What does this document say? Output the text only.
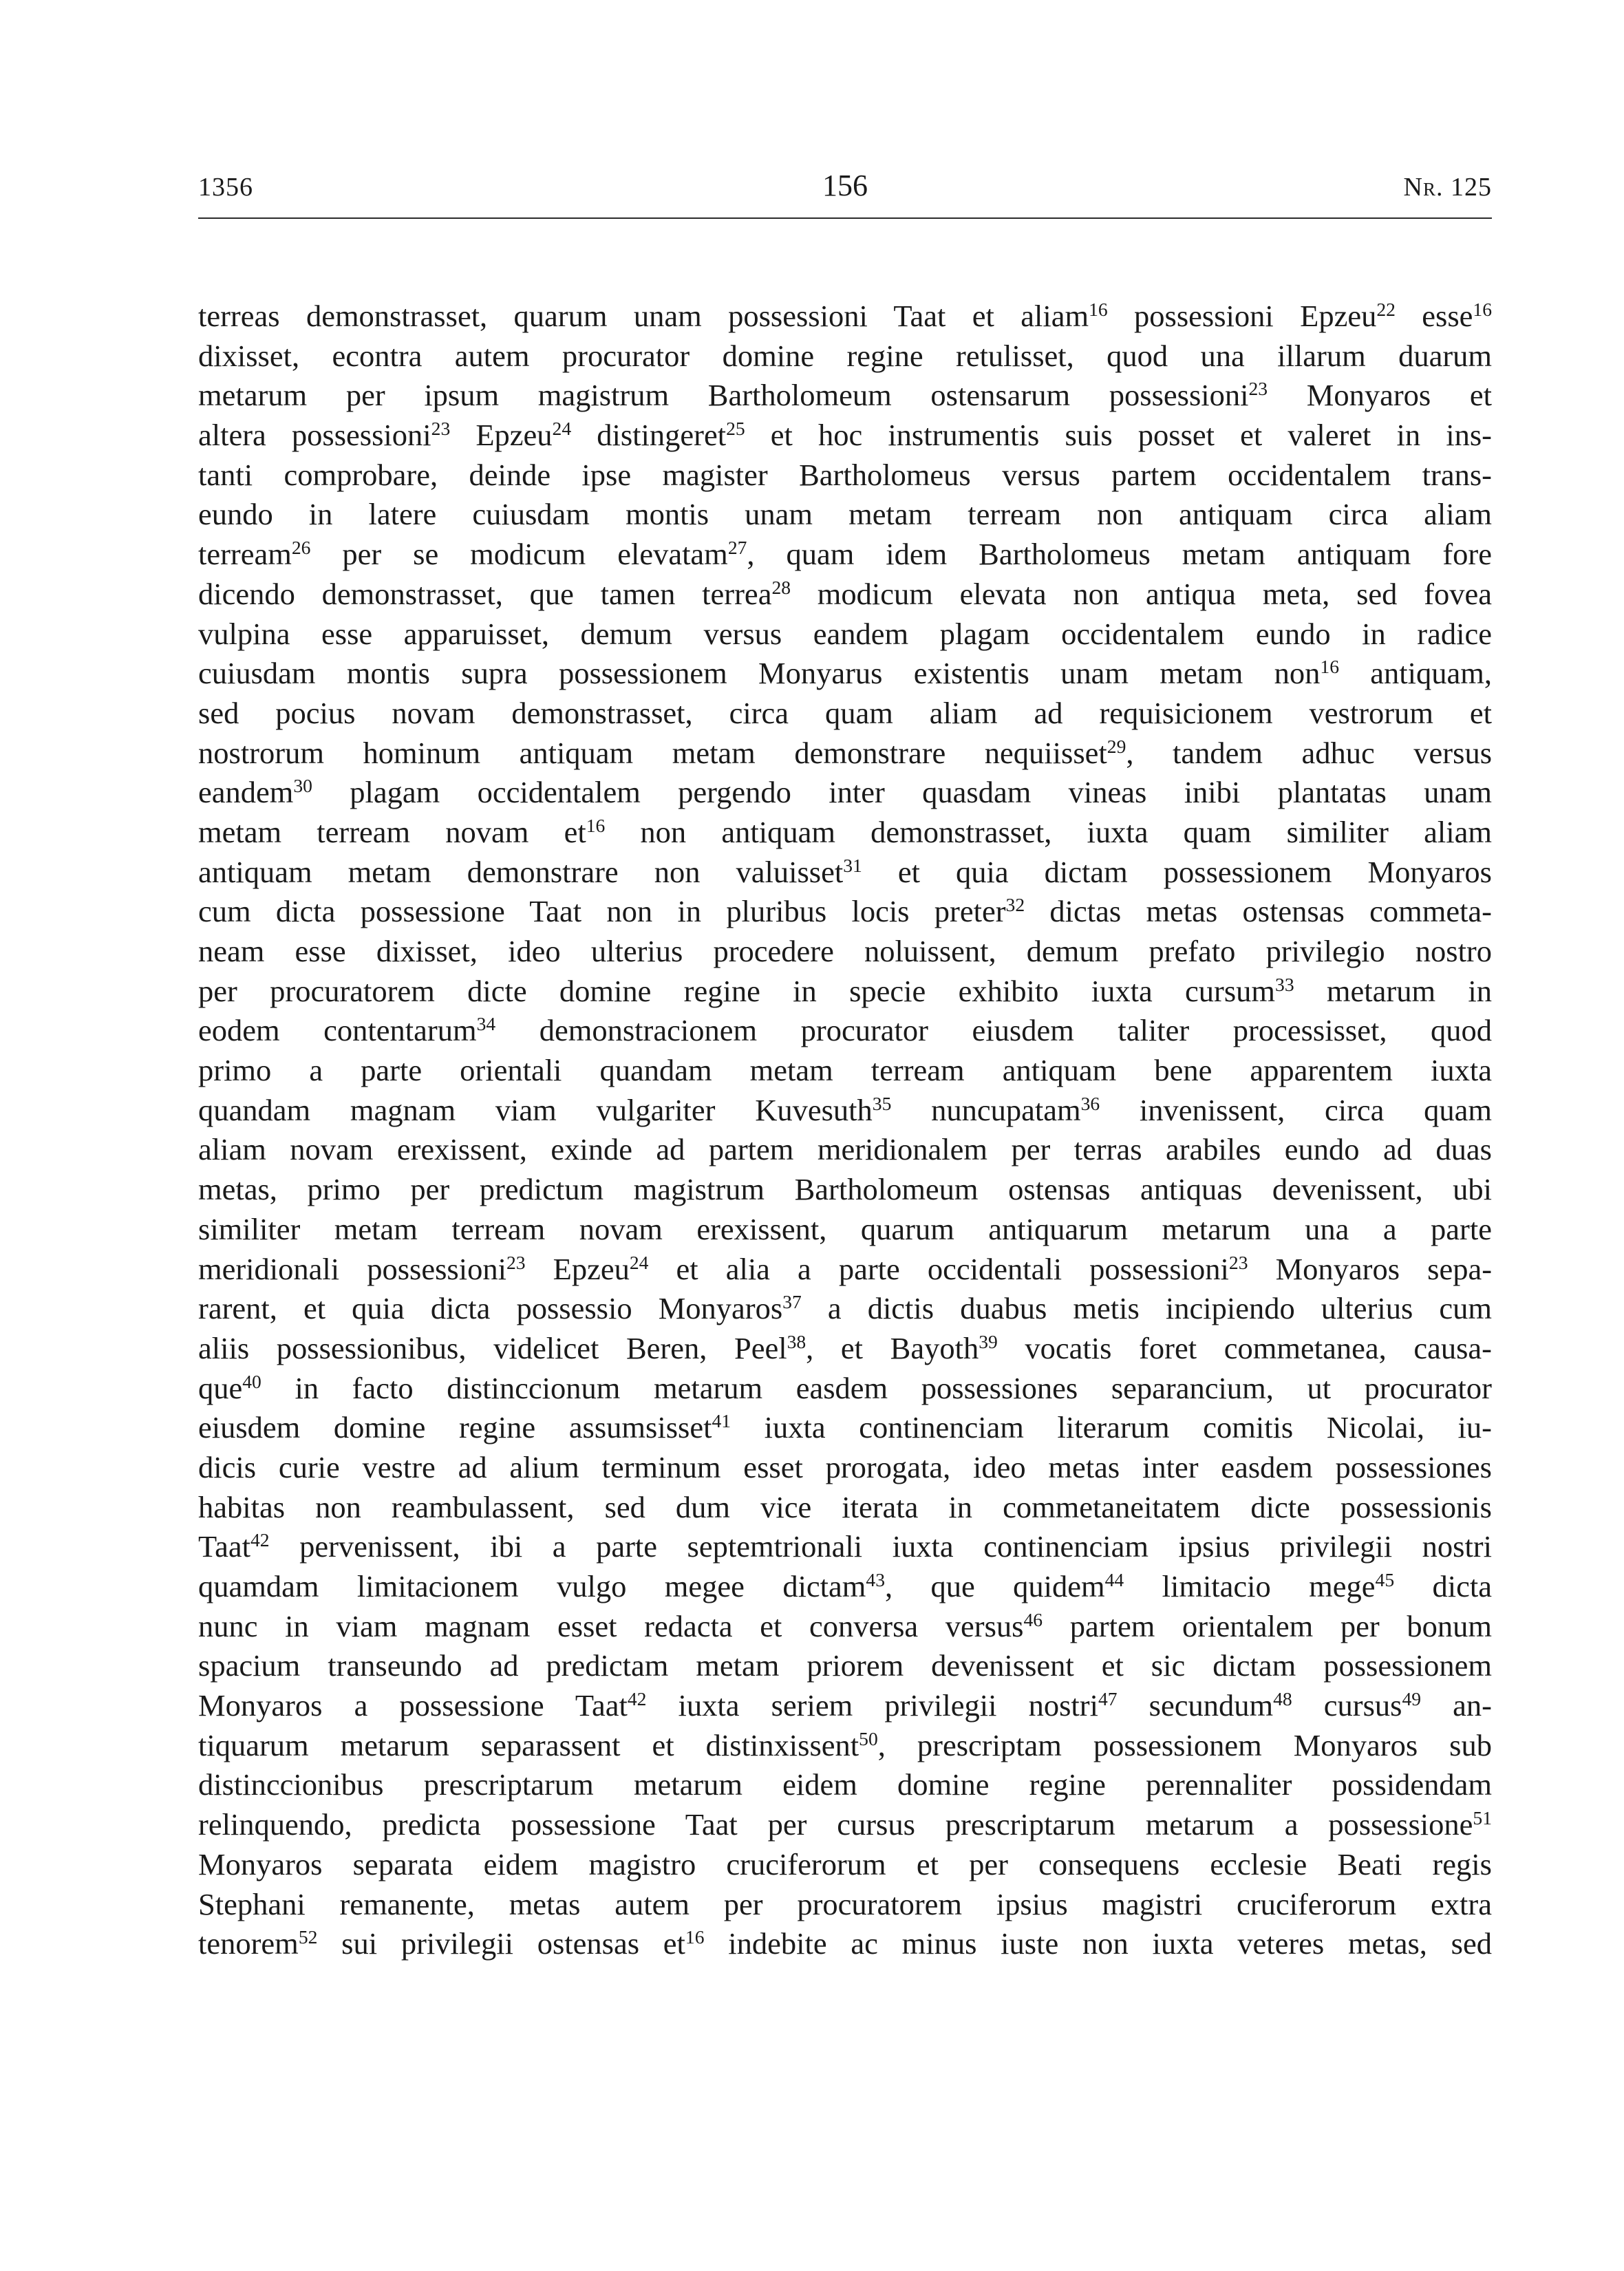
1356	156	Nr. 125
terreas demonstrasset, quarum unam possessioni Taat et aliam$^{16}$ possessioni Epzeu$^{22}$ esse$^{16}$
dixisset, econtra autem procurator domine regine retulisset, quod una illarum duarum
metarum per ipsum magistrum Bartholomeum ostensarum possessioni$^{23}$ Monyaros et
altera possessioni$^{23}$ Epzeu$^{24}$ distingeret$^{25}$ et hoc instrumentis suis posset et valeret in ins-
tanti comprobare, deinde ipse magister Bartholomeus versus partem occidentalem trans-
eundo in latere cuiusdam montis unam metam terream non antiquam circa aliam
terream$^{26}$ per se modicum elevatam$^{27}$, quam idem Bartholomeus metam antiquam fore
dicendo demonstrasset, que tamen terrea$^{28}$ modicum elevata non antiqua meta, sed fovea
vulpina esse apparuisset, demum versus eandem plagam occidentalem eundo in radice
cuiusdam montis supra possessionem Monyarus existentis unam metam non$^{16}$ antiquam,
sed pocius novam demonstrasset, circa quam aliam ad requisicionem vestrorum et
nostrorum hominum antiquam metam demonstrare nequiisset$^{29}$, tandem adhuc versus
eandem$^{30}$ plagam occidentalem pergendo inter quasdam vineas inibi plantatas unam
metam terream novam $et^{16}$ non antiquam demonstrasset, iuxta quam similiter aliam
antiquam metam demonstrare non valuisset$^{31}$ et quia dictam possessionem Monyaros
cum dicta possessione Taat non in pluribus locis preter$^{32}$ dictas metas ostensas commeta-
neam esse dixisset, ideo ulterius procedere noluissent, demum prefato privilegio nostro
per procuratorem dicte domine regine in specie exhibito iuxta cursum$^{33}$ metarum in
eodem contentarum$^{34}$ demonstracionem procurator eiusdem taliter processisset, quod
primo a parte orientali quandam metam terream antiquam bene apparentem iuxta
quandam magnam viam vulgariter Kuvesuth$^{35}$ nuncupatam$^{36}$ invenissent, circa quam
aliam novam erexissent, exinde ad partem meridionalem per terras arabiles eundo ad duas
metas, primo per predictum magistrum Bartholomeum ostensas antiquas devenissent, ubi
similiter metam terream novam erexissent, quarum antiquarum metarum una a parte
meridionali possessioni$^{23}$ Epzeu$^{24}$ et alia a parte occidentali possessioni$^{23}$ Monyaros sepa-
rarent, et quia dicta possessio Monyaros$^{37}$ a dictis duabus metis incipiendo ulterius cum
aliis possessionibus, videlicet Beren, Peel$^{38}$, et Bayoth$^{39}$ vocatis foret commetanea, causa-
que$^{40}$ in facto distinccionum metarum easdem possessiones separancium, ut procurator
eiusdem domine regine assumsisset$^{41}$ iuxta continenciam literarum comitis Nicolai, iu-
dicis curie vestre ad alium terminum esset prorogata, ideo metas inter easdem possessiones
habitas non reambulassent, sed dum vice iterata in commetaneitatem dicte possessionis
Taat$^{42}$ pervenissent, ibi a parte septemtrionali iuxta continenciam ipsius privilegii nostri
quamdam limitacionem vulgo megee dictam$^{43}$, que quidem$^{44}$ limitacio mege$^{45}$ dicta
nunc in viam magnam esset redacta et conversa versus$^{46}$ partem orientalem per bonum
spacium transeundo ad predictam metam priorem devenissent et sic dictam possessionem
Monyaros a possessione Taat$^{42}$ iuxta seriem privilegii nostri$^{47}$ secundum$^{48}$ cursus$^{49}$ an-
tiquarum metarum separassent et distinxissent$^{50}$, prescriptam possessionem Monyaros sub
distinccionibus prescriptarum metarum eidem domine regine perennaliter possidendam
relinquendo, predicta possessione Taat per cursus prescriptarum metarum a possessione$^{51}$
Monyaros separata eidem magistro cruciferorum et per consequens ecclesie Beati regis
Stephani remanente, metas autem per procuratorem ipsius magistri cruciferorum extra
tenorem$^{52}$ sui privilegii ostensas $et^{16}$ indebite ac minus iuste non iuxta veteres metas, sed
